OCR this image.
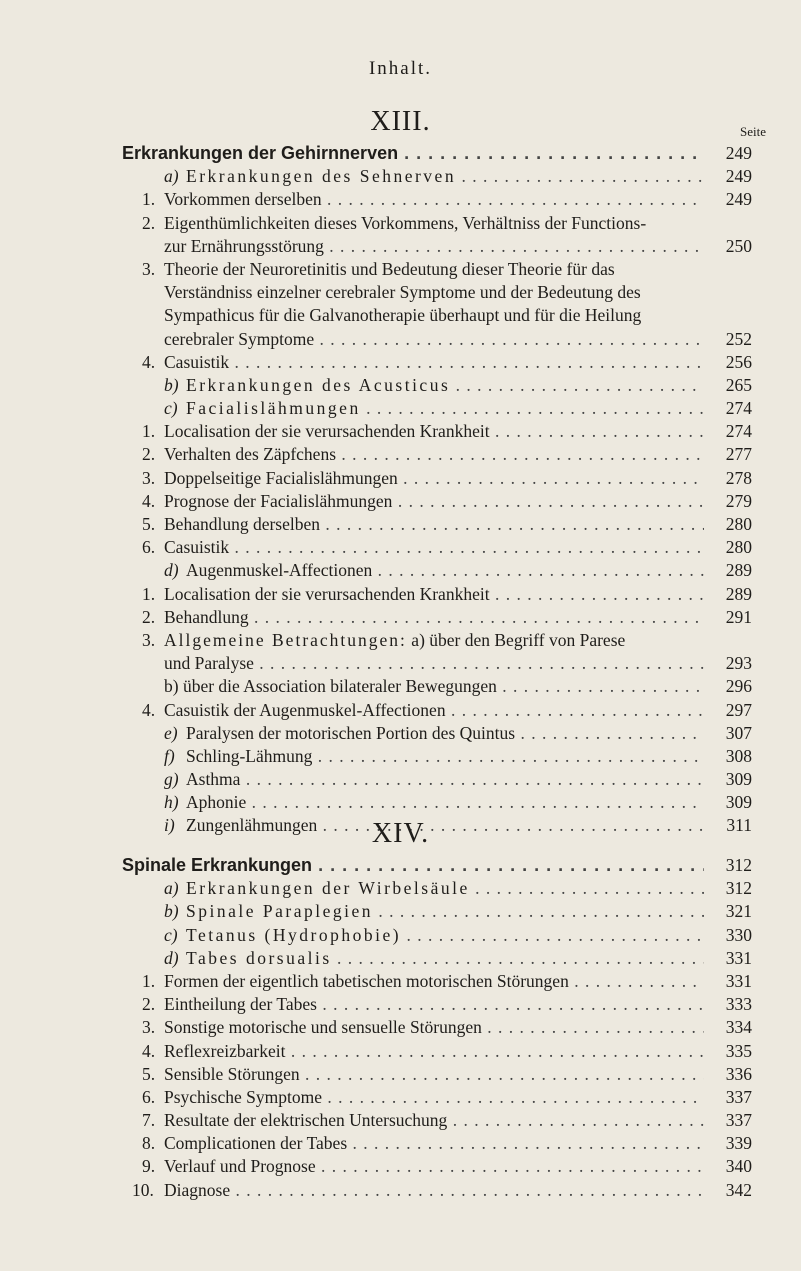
Inhalt.
XIII.	Seite
Erkrankungen der Gehirnnerven . . .	249
a) Erkrankungen des Sehnerven . . .	249
1. Vorkommen derselben . . .	249
2. Eigenthümlichkeiten dieses Vorkommens, Verhältniss der Functions-
zur Ernährungsstörung . . .	250
3. Theorie der Neuroretinitis und Bedeutung dieser Theorie für das
Verständniss einzelner cerebraler Symptome und der Bedeutung des
Sympathicus für die Galvanotherapie überhaupt und für die Heilung
cerebraler Symptome . . .	252
4. Casuistik . . .	256
b) Erkrankungen des Acusticus . . .	265
c) Facialislähmungen . . .	274
1. Localisation der sie verursachenden Krankheit . . .	274
2. Verhalten des Zäpfchens . . .	277
3. Doppelseitige Facialislähmungen . . .	278
4. Prognose der Facialislähmungen . . .	279
5. Behandlung derselben . . .	280
6. Casuistik . . .	280
d) Augenmuskel-Affectionen . . .	289
1. Localisation der sie verursachenden Krankheit . . .	289
2. Behandlung . . .	291
3. Allgemeine Betrachtungen: a) über den Begriff von Parese
und Paralyse . . .	293
b) über die Association bilateraler Bewegungen . . .	296
4. Casuistik der Augenmuskel-Affectionen . . .	297
e) Paralysen der motorischen Portion des Quintus . . .	307
f) Schling-Lähmung . . .	308
g) Asthma . . .	309
h) Aphonie . . .	309
i) Zungenlähmungen . . .	311
XIV.
Spinale Erkrankungen . . .	312
a) Erkrankungen der Wirbelsäule . . .	312
b) Spinale Paraplegien . . .	321
c) Tetanus (Hydrophobie) . . .	330
d) Tabes dorsualis . . .	331
1. Formen der eigentlich tabetischen motorischen Störungen . . .	331
2. Eintheilung der Tabes . . .	333
3. Sonstige motorische und sensuelle Störungen . . .	334
4. Reflexreizbarkeit . . .	335
5. Sensible Störungen . . .	336
6. Psychische Symptome . . .	337
7. Resultate der elektrischen Untersuchung . . .	337
8. Complicationen der Tabes . . .	339
9. Verlauf und Prognose . . .	340
10. Diagnose . . .	342
